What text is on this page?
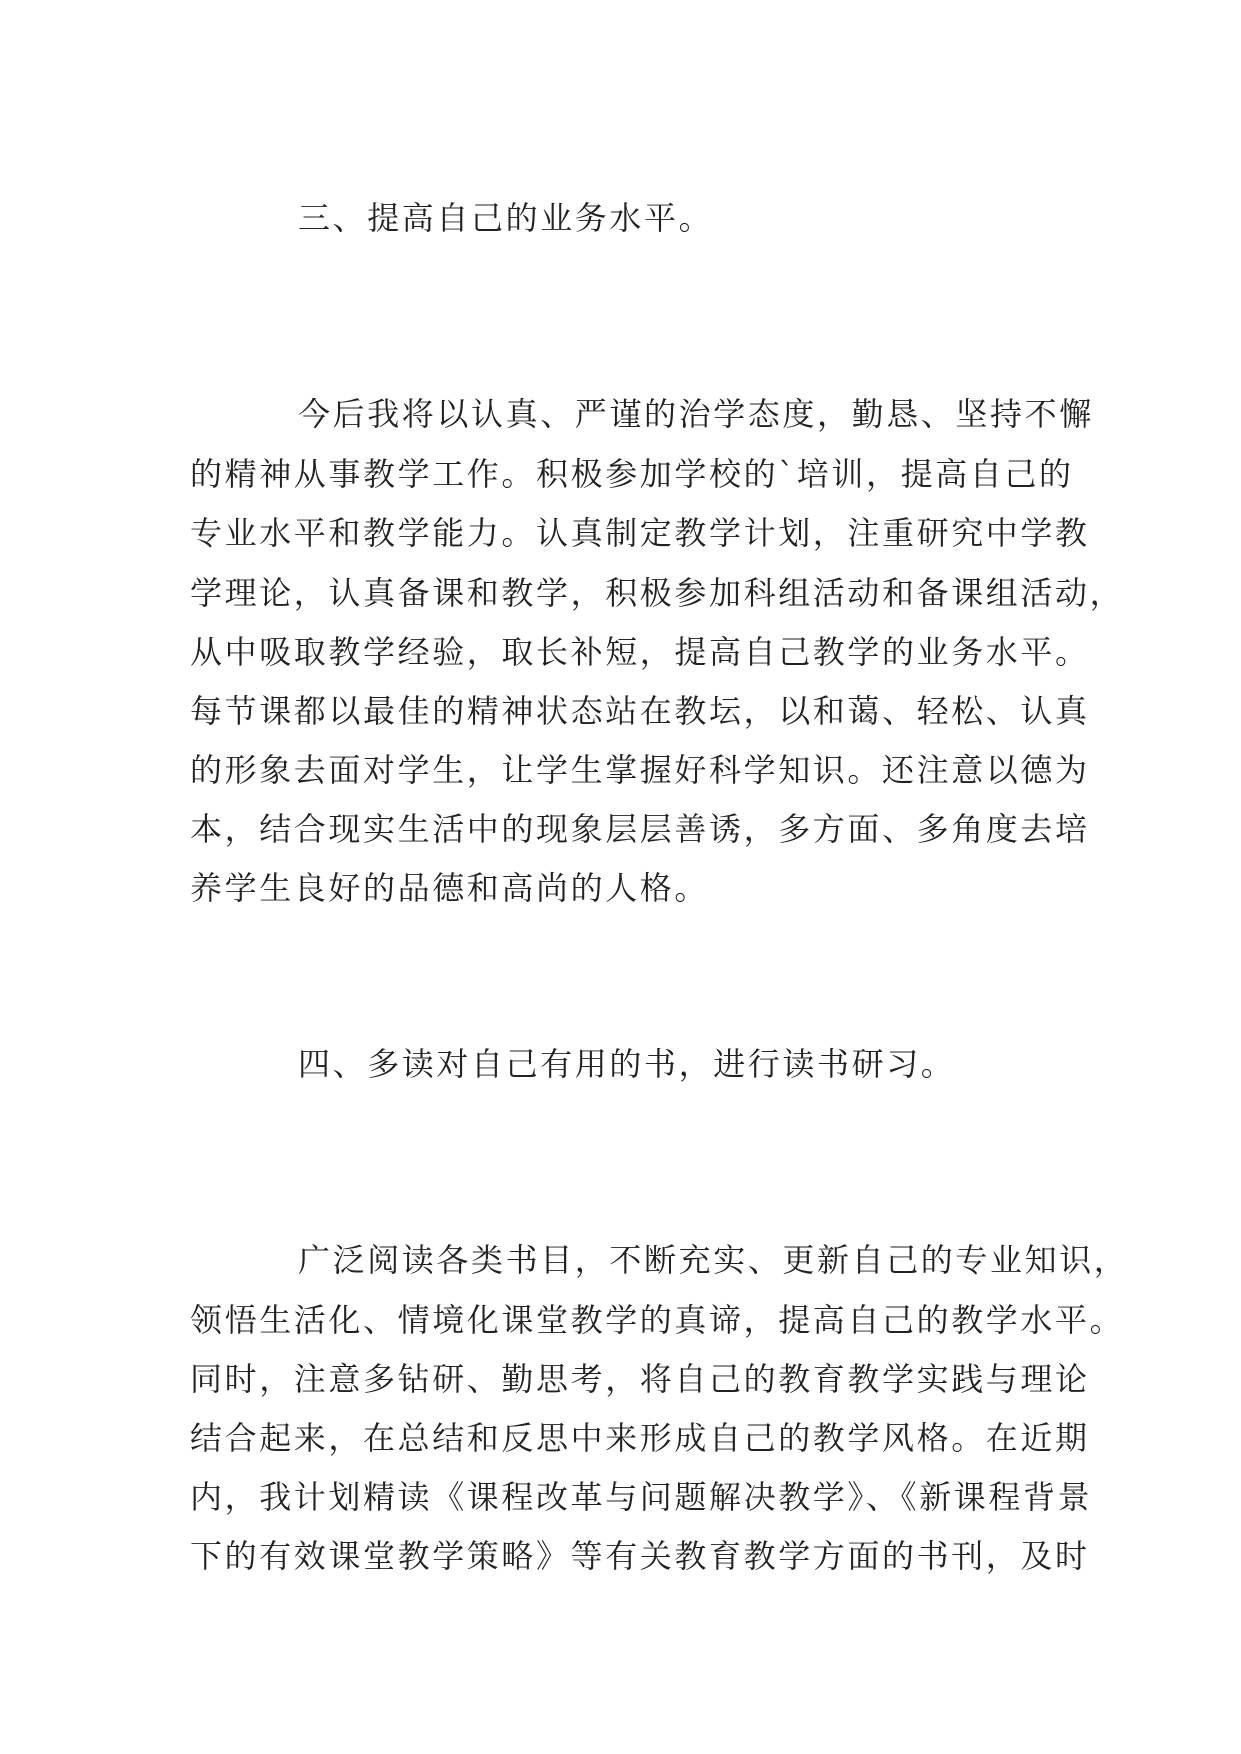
三、提高自己的业务水平。
今后我将以认真、严谨的治学态度，勤恳、坚持不懈
的精神从事教学工作。积极参加学校的`培训，提高自己的
专业水平和教学能力。认真制定教学计划，注重研究中学教
学理论，认真备课和教学，积极参加科组活动和备课组活动，
从中吸取教学经验，取长补短，提高自己教学的业务水平。
每节课都以最佳的精神状态站在教坛，以和蔼、轻松、认真
的形象去面对学生，让学生掌握好科学知识。还注意以德为
本，结合现实生活中的现象层层善诱，多方面、多角度去培
养学生良好的品德和高尚的人格。
四、多读对自己有用的书，进行读书研习。
广泛阅读各类书目，不断充实、更新自己的专业知识，
领悟生活化、情境化课堂教学的真谛，提高自己的教学水平。
同时，注意多钻研、勤思考，将自己的教育教学实践与理论
结合起来，在总结和反思中来形成自己的教学风格。在近期
内，我计划精读《课程改革与问题解决教学》、《新课程背景
下的有效课堂教学策略》等有关教育教学方面的书刊，及时
